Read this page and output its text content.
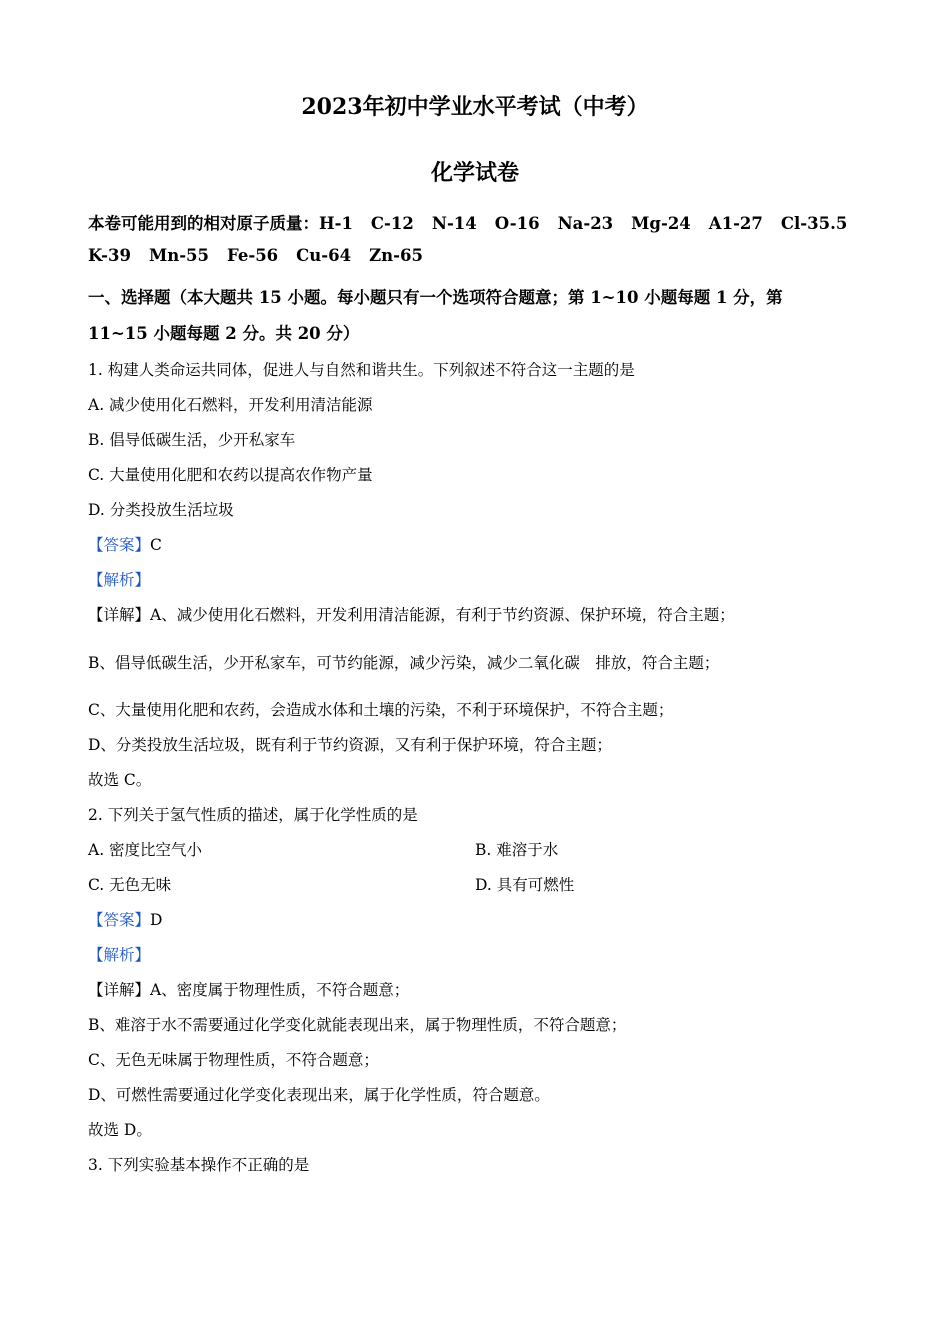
2023年初中学业水平考试（中考）
化学试卷
本卷可能用到的相对原子质量：H-1 C-12 N-14 O-16 Na-23 Mg-24 A1-27 Cl-35.5
K-39 Mn-55 Fe-56 Cu-64 Zn-65
一、选择题（本大题共 15 小题。每小题只有一个选项符合题意；第 1~10 小题每题 1 分，第
11~15 小题每题 2 分。共 20 分）
1. 构建人类命运共同体，促进人与自然和谐共生。下列叙述不符合这一主题的是
A. 减少使用化石燃料，开发利用清洁能源
B. 倡导低碳生活，少开私家车
C. 大量使用化肥和农药以提高农作物产量
D. 分类投放生活垃圾
【答案】C
【解析】
【详解】A、减少使用化石燃料，开发利用清洁能源，有利于节约资源、保护环境，符合主题；
B、倡导低碳生活，少开私家车，可节约能源，减少污染，减少二氧化碳　排放，符合主题；
C、大量使用化肥和农药，会造成水体和土壤的污染，不利于环境保护，不符合主题；
D、分类投放生活垃圾，既有利于节约资源，又有利于保护环境，符合主题；
故选 C。
2. 下列关于氢气性质的描述，属于化学性质的是
A. 密度比空气小	B. 难溶于水
C. 无色无味	D. 具有可燃性
【答案】D
【解析】
【详解】A、密度属于物理性质，不符合题意；
B、难溶于水不需要通过化学变化就能表现出来，属于物理性质，不符合题意；
C、无色无味属于物理性质，不符合题意；
D、可燃性需要通过化学变化表现出来，属于化学性质，符合题意。
故选 D。
3. 下列实验基本操作不正确的是
